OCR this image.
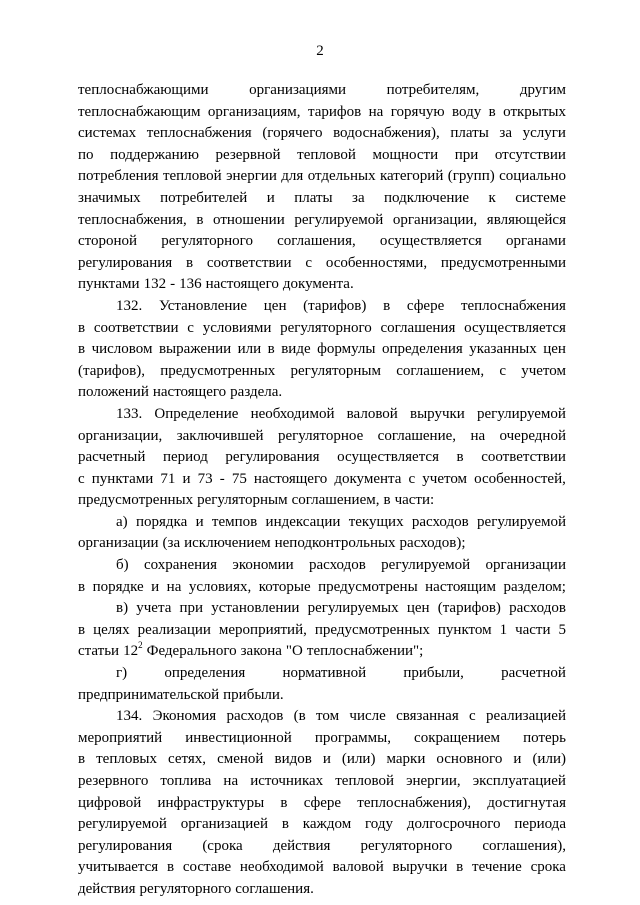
2
теплоснабжающими	организациями	потребителям,	другим
теплоснабжающим организациям, тарифов на горячую воду в открытых
системах теплоснабжения (горячего водоснабжения), платы за услуги
по поддержанию резервной тепловой мощности при отсутствии
потребления тепловой энергии для отдельных категорий (групп) социально
значимых потребителей и платы за подключение к системе
теплоснабжения, в отношении регулируемой организации, являющейся
стороной регуляторного соглашения, осуществляется органами
регулирования в соответствии с особенностями, предусмотренными
пунктами 132 - 136 настоящего документа.
132. Установление цен (тарифов) в сфере теплоснабжения
в соответствии с условиями регуляторного соглашения осуществляется
в числовом выражении или в виде формулы определения указанных цен
(тарифов), предусмотренных регуляторным соглашением, с учетом
положений настоящего раздела.
133. Определение необходимой валовой выручки регулируемой
организации, заключившей регуляторное соглашение, на очередной
расчетный период регулирования осуществляется в соответствии
с пунктами 71 и 73 - 75 настоящего документа с учетом особенностей,
предусмотренных регуляторным соглашением, в части:
а) порядка и темпов индексации текущих расходов регулируемой
организации (за исключением неподконтрольных расходов);
б) сохранения экономии расходов регулируемой организации
в порядке и на условиях, которые предусмотрены настоящим разделом;
в) учета при установлении регулируемых цен (тарифов) расходов
в целях реализации мероприятий, предусмотренных пунктом 1 части 5
статьи $12^2$ Федерального закона "О теплоснабжении";
г) определения нормативной прибыли, расчетной
предпринимательской прибыли.
134. Экономия расходов (в том числе связанная с реализацией
мероприятий инвестиционной программы, сокращением потерь
в тепловых сетях, сменой видов и (или) марки основного и (или)
резервного топлива на источниках тепловой энергии, эксплуатацией
цифровой инфраструктуры в сфере теплоснабжения), достигнутая
регулируемой организацией в каждом году долгосрочного периода
регулирования (срока действия регуляторного соглашения),
учитывается в составе необходимой валовой выручки в течение срока
действия регуляторного соглашения.
